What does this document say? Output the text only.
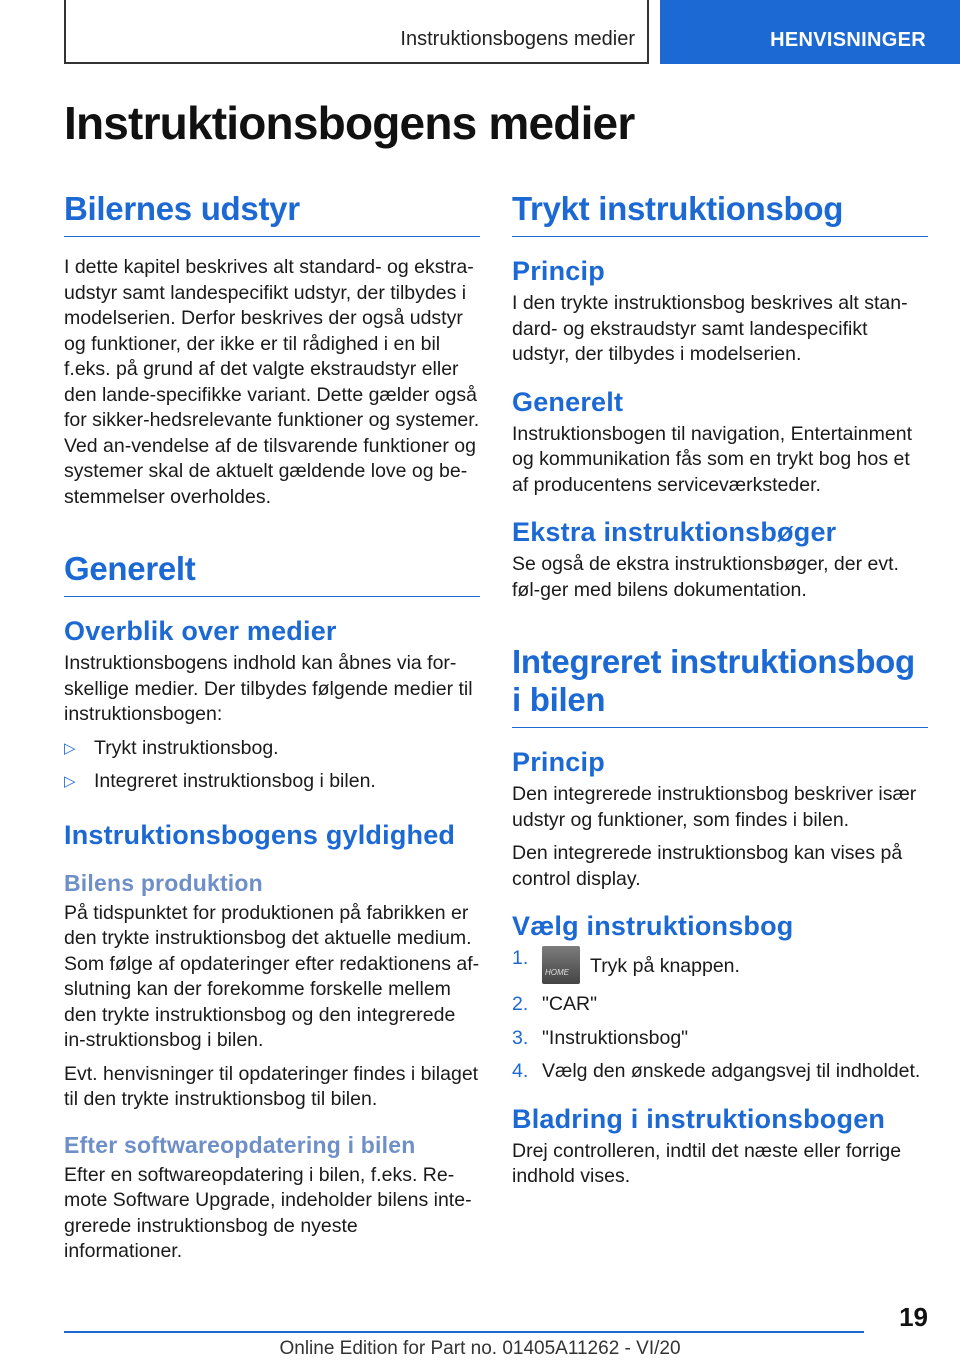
Instruktionsbogens medier	HENVISNINGER
Instruktionsbogens medier
Bilernes udstyr

I dette kapitel beskrives alt standard- og ekstra-udstyr samt landespecifikt udstyr, der tilbydes i modelserien. Derfor beskrives der også udstyr og funktioner, der ikke er til rådighed i en bil f.eks. på grund af det valgte ekstraudstyr eller den lande-specifikke variant. Dette gælder også for sikker-hedsrelevante funktioner og systemer. Ved an-vendelse af de tilsvarende funktioner og systemer skal de aktuelt gældende love og be-stemmelser overholdes.

Generelt
Overblik over medier

Instruktionsbogens indhold kan åbnes via for-skellige medier. Der tilbydes følgende medier til instruktionsbogen:

▷ Trykt instruktionsbog.
▷ Integreret instruktionsbog i bilen.
Instruktionsbogens gyldighed
Bilens produktion

På tidspunktet for produktionen på fabrikken er den trykte instruktionsbog det aktuelle medium. Som følge af opdateringer efter redaktionens af-slutning kan der forekomme forskelle mellem den trykte instruktionsbog og den integrerede in-struktionsbog i bilen.

Evt. henvisninger til opdateringer findes i bilaget til den trykte instruktionsbog til bilen.

Efter softwareopdatering i bilen

Efter en softwareopdatering i bilen, f.eks. Re-mote Software Upgrade, indeholder bilens inte-grerede instruktionsbog de nyeste informationer.

Trykt instruktionsbog
Princip

I den trykte instruktionsbog beskrives alt stan-dard- og ekstraudstyr samt landespecifikt udstyr, der tilbydes i modelserien.

Generelt

Instruktionsbogen til navigation, Entertainment og kommunikation fås som en trykt bog hos et af producentens serviceværksteder.

Ekstra instruktionsbøger

Se også de ekstra instruktionsbøger, der evt. føl-ger med bilens dokumentation.

Integreret instruktionsbog i bilen
Princip

Den integrerede instruktionsbog beskriver især udstyr og funktioner, som findes i bilen.

Den integrerede instruktionsbog kan vises på control display.

Vælg instruktionsbog
1.
HOME Tryk på knappen.
2. "CAR"
3. "Instruktionsbog"
4. Vælg den ønskede adgangsvej til indholdet.
Bladring i instruktionsbogen

Drej controlleren, indtil det næste eller forrige indhold vises.

19
Online Edition for Part no. 01405A11262 - VI/20
